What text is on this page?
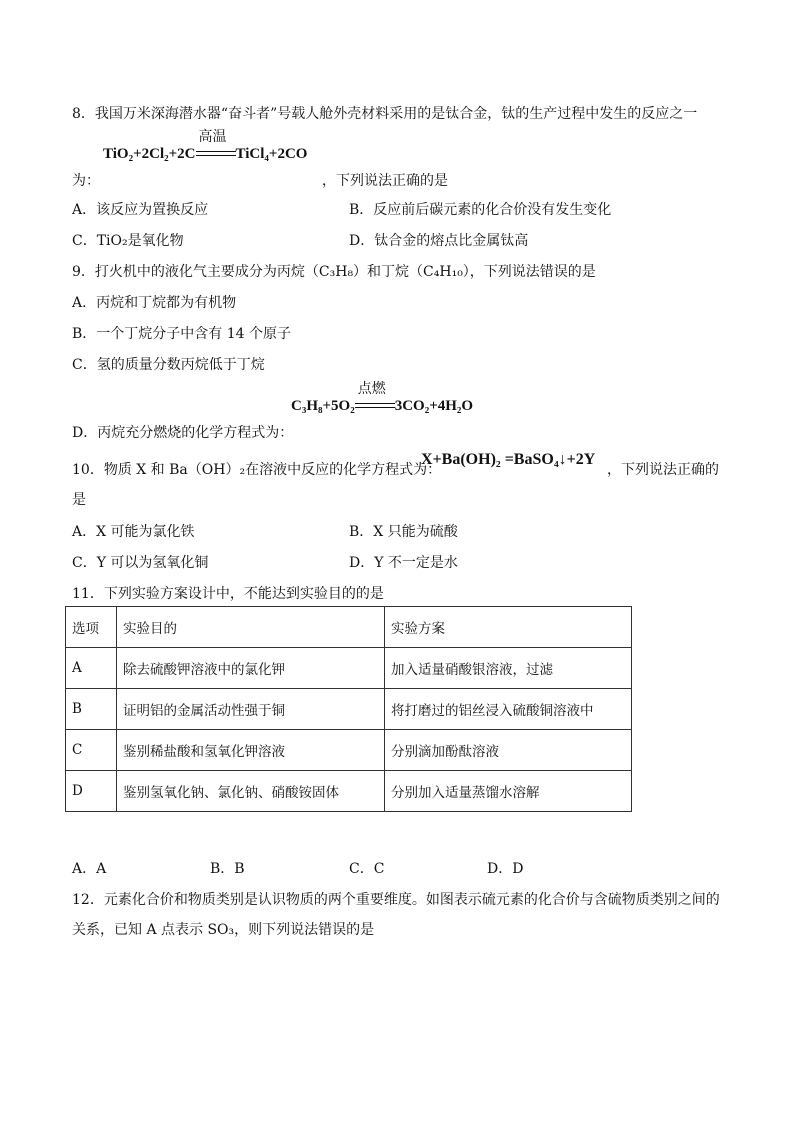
8．我国万米深海潜水器“奋斗者”号载人舱外壳材料采用的是钛合金，钛的生产过程中发生的反应之一
TiO₂+2Cl₂+2C
高温
TiCl₄+2CO
为：	，下列说法正确的是
A．该反应为置换反应	B．反应前后碳元素的化合价没有发生变化
C．TiO₂是氧化物	D．钛合金的熔点比金属钛高
9．打火机中的液化气主要成分为丙烷（C₃H₈）和丁烷（C₄H₁₀），下列说法错误的是
A．丙烷和丁烷都为有机物
B．一个丁烷分子中含有 14 个原子
C．氢的质量分数丙烷低于丁烷
C₃H₈+5O₂
点燃
3CO₂+4H₂O
D．丙烷充分燃烧的化学方程式为：
10．物质 X 和 Ba（OH）₂在溶液中反应的化学方程式为：
X+Ba(OH)₂ =BaSO₄↓+2Y
，下列说法正确的
是
A．X 可能为氯化铁	B．X 只能为硫酸
C．Y 可以为氢氧化铜	D．Y 不一定是水
11．下列实验方案设计中，不能达到实验目的的是
选项	实验目的	实验方案
A	除去硫酸钾溶液中的氯化钾	加入适量硝酸银溶液，过滤
B	证明铝的金属活动性强于铜	将打磨过的铝丝浸入硫酸铜溶液中
C	鉴别稀盐酸和氢氧化钾溶液	分别滴加酚酞溶液
D	鉴别氢氧化钠、氯化钠、硝酸铵固体	分别加入适量蒸馏水溶解
A．A	B．B	C．C	D．D
12．元素化合价和物质类别是认识物质的两个重要维度。如图表示硫元素的化合价与含硫物质类别之间的
关系，已知 A 点表示 SO₃，则下列说法错误的是
